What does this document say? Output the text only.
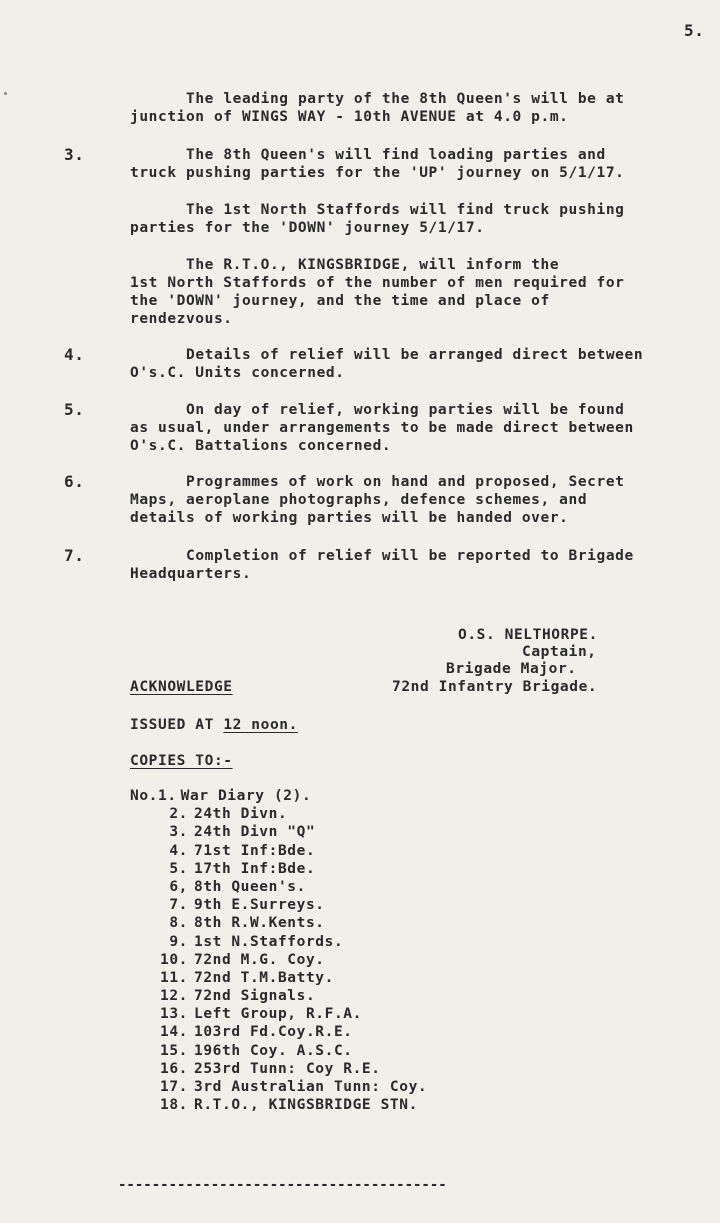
5.
The leading party of the 8th Queen's will be at
junction of WINGS WAY - 10th AVENUE at 4.0 p.m.
3.	The 8th Queen's will find loading parties and
truck pushing parties for the 'UP' journey on 5/1/17.
The 1st North Staffords will find truck pushing
parties for the 'DOWN' journey 5/1/17.
The R.T.O., KINGSBRIDGE, will inform the
1st North Staffords of the number of men required for
the 'DOWN' journey, and the time and place of
rendezvous.
4.	Details of relief will be arranged direct between
O's.C. Units concerned.
5.	On day of relief, working parties will be found
as usual, under arrangements to be made direct between
O's.C. Battalions concerned.
6.	Programmes of work on hand and proposed, Secret
Maps, aeroplane photographs, defence schemes, and
details of working parties will be handed over.
7.	Completion of relief will be reported to Brigade
Headquarters.
O.S. NELTHORPE.
Captain,
Brigade Major.
72nd Infantry Brigade.
ACKNOWLEDGE
ISSUED AT 12 noon.
COPIES TO:-
No.1. War Diary (2).
2. 24th Divn.
3. 24th Divn "Q"
4. 71st Inf:Bde.
5. 17th Inf:Bde.
6, 8th Queen's.
7. 9th E.Surreys.
8. 8th R.W.Kents.
9. 1st N.Staffords.
10. 72nd M.G. Coy.
11. 72nd T.M.Batty.
12. 72nd Signals.
13. Left Group, R.F.A.
14. 103rd Fd.Coy.R.E.
15. 196th Coy. A.S.C.
16. 253rd Tunn: Coy R.E.
17. 3rd Australian Tunn: Coy.
18. R.T.O., KINGSBRIDGE STN.
---------------------------------------
